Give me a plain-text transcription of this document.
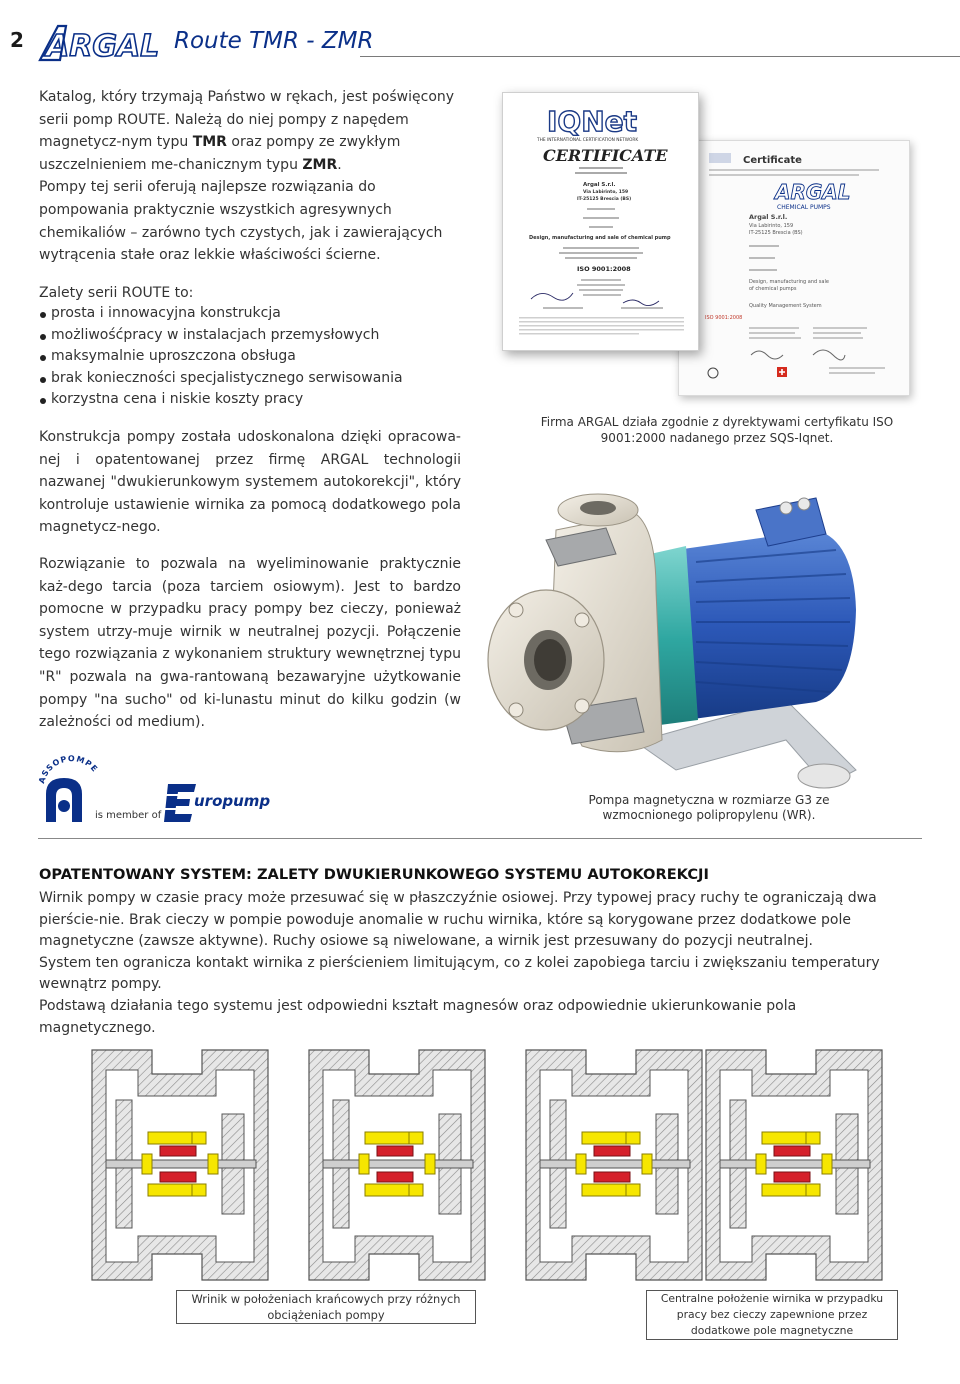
2 ARGAL Route TMR - ZMR
Katalog, który trzymają Państwo w rękach, jest poświęcony serii pomp ROUTE. Należą do niej pompy z napędem magnetycz-nym typu TMR oraz pompy ze zwykłym uszczelnieniem me-chanicznym typu ZMR.
Pompy tej serii oferują najlepsze rozwiązania do pompowania praktycznie wszystkich agresywnych chemikaliów – zarówno tych czystych, jak i zawierających wytrącenia stałe oraz lekkie właściwości ścierne.
Zalety serii ROUTE to:
prosta i innowacyjna konstrukcja
możliwośćpracy w instalacjach przemysłowych
maksymalnie uproszczona obsługa
brak konieczności specjalistycznego serwisowania
korzystna cena i niskie koszty pracy
Konstrukcja pompy została udoskonalona dzięki opracowa-nej i opatentowanej przez firmę ARGAL technologii nazwanej "dwukierunkowym systemem autokorekcji", który kontroluje ustawienie wirnika za pomocą dodatkowego pola magnetycz-nego.
Rozwiązanie to pozwala na wyeliminowanie praktycznie każ-dego tarcia (poza tarciem osiowym). Jest to bardzo pomocne w przypadku pracy pompy bez cieczy, ponieważ system utrzy-muje wirnik w neutralnej pozycji. Połączenie tego rozwiązania z wykonaniem struktury wewnętrznej typu "R" pozwala na gwa-rantowaną bezawaryjne użytkowanie pompy "na sucho" od ki-lunastu minut do kilku godzin (w zależności od medium).
Certificate
ARGAL
CHEMICAL PUMPS
Argal S.r.l.
Via Labirinto, 159
IT-25125 Brescia (BS)
Design, manufacturing and sale
of chemical pumps
Quality Management System
ISO 9001:2008
IQNet
THE INTERNATIONAL CERTIFICATION NETWORK
CERTIFICATE
Argal S.r.l.
Via Labirinto, 159
IT-25125 Brescia (BS)
Design, manufacturing and sale of chemical pump
ISO 9001:2008
Firma ARGAL działa zgodnie z dyrektywami certyfikatu ISO 9001:2000 nadanego przez SQS-Iqnet.
Pompa magnetyczna w rozmiarze G3 ze wzmocnionego polipropylenu (WR).
ASSOPOMPE
is member of
uropump
OPATENTOWANY SYSTEM: ZALETY DWUKIERUNKOWEGO SYSTEMU AUTOKOREKCJI
Wirnik pompy w czasie pracy może przesuwać się w płaszczyźnie osiowej. Przy typowej pracy ruchy te ograniczają dwa pierście-nie. Brak cieczy w pompie powoduje anomalie w ruchu wirnika, które są korygowane przez dodatkowe pole magnetyczne (zawsze aktywne). Ruchy osiowe są niwelowane, a wirnik jest przesuwany do pozycji neutralnej.
System ten ogranicza kontakt wirnika z pierścieniem limitującym, co z kolei zapobiega tarciu i zwiększaniu temperatury wewnątrz pompy.
Podstawą działania tego systemu jest odpowiedni kształt magnesów oraz odpowiednie ukierunkowanie pola magnetycznego.
Wrinik w położeniach krańcowych przy różnych obciążeniach pompy
Centralne położenie wirnika w przypadku pracy bez cieczy zapewnione przez dodatkowe pole magnetyczne
